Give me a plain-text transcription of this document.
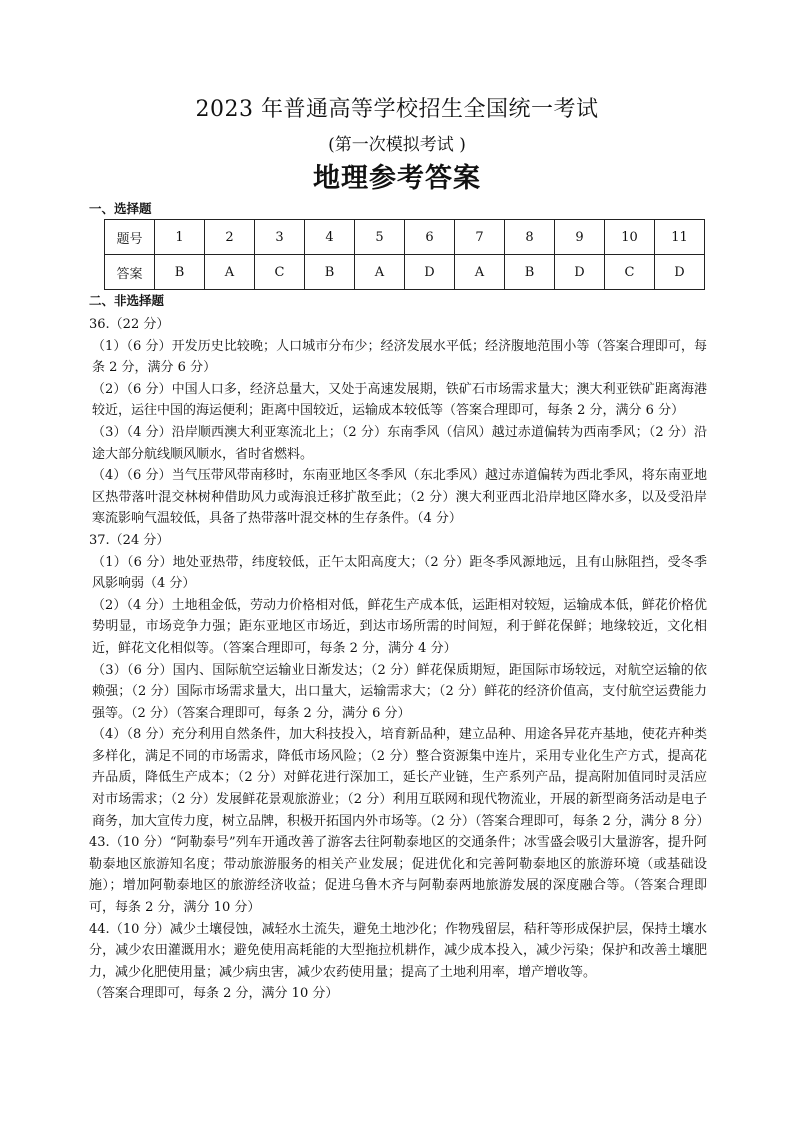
2023 年普通高等学校招生全国统一考试
(第一次模拟考试 )
地理参考答案
一、选择题
题号	1	2	3	4	5	6	7	8	9	10	11
答案	B	A	C	B	A	D	A	B	D	C	D
二、非选择题

36.（22 分）

（1）（6 分）开发历史比较晚；人口城市分布少；经济发展水平低；经济腹地范围小等（答案合理即可，每条 2 分，满分 6 分）

（2）（6 分）中国人口多，经济总量大，又处于高速发展期，铁矿石市场需求量大；澳大利亚铁矿距离海港较近，运往中国的海运便利；距离中国较近，运输成本较低等（答案合理即可，每条 2 分，满分 6 分）

（3）（4 分）沿岸顺西澳大利亚寒流北上；（2 分）东南季风（信风）越过赤道偏转为西南季风；（2 分）沿途大部分航线顺风顺水，省时省燃料。

（4）（6 分）当气压带风带南移时，东南亚地区冬季风（东北季风）越过赤道偏转为西北季风，将东南亚地区热带落叶混交林树种借助风力或海浪迁移扩散至此；（2 分）澳大利亚西北沿岸地区降水多，以及受沿岸寒流影响气温较低，具备了热带落叶混交林的生存条件。（4 分）

37.（24 分）

（1）（6 分）地处亚热带，纬度较低，正午太阳高度大；（2 分）距冬季风源地远，且有山脉阻挡，受冬季风影响弱（4 分）

（2）（4 分）土地租金低，劳动力价格相对低，鲜花生产成本低，运距相对较短，运输成本低，鲜花价格优势明显，市场竞争力强；距东亚地区市场近，到达市场所需的时间短，利于鲜花保鲜；地缘较近，文化相近，鲜花文化相似等。（答案合理即可，每条 2 分，满分 4 分）

（3）（6 分）国内、国际航空运输业日渐发达；（2 分）鲜花保质期短，距国际市场较远，对航空运输的依赖强；（2 分）国际市场需求量大，出口量大，运输需求大；（2 分）鲜花的经济价值高，支付航空运费能力强等。（2 分）（答案合理即可，每条 2 分，满分 6 分）

（4）（8 分）充分利用自然条件，加大科技投入，培育新品种，建立品种、用途各异花卉基地，使花卉种类多样化，满足不同的市场需求，降低市场风险；（2 分）整合资源集中连片，采用专业化生产方式，提高花卉品质，降低生产成本；（2 分）对鲜花进行深加工，延长产业链，生产系列产品，提高附加值同时灵活应对市场需求；（2 分）发展鲜花景观旅游业；（2 分）利用互联网和现代物流业，开展的新型商务活动是电子商务，加大宣传力度，树立品牌，积极开拓国内外市场等。（2 分）（答案合理即可，每条 2 分，满分 8 分）

43.（10 分）“阿勒泰号”列车开通改善了游客去往阿勒泰地区的交通条件；冰雪盛会吸引大量游客，提升阿勒泰地区旅游知名度；带动旅游服务的相关产业发展；促进优化和完善阿勒泰地区的旅游环境（或基础设施）；增加阿勒泰地区的旅游经济收益；促进乌鲁木齐与阿勒泰两地旅游发展的深度融合等。（答案合理即可，每条 2 分，满分 10 分）

44.（10 分）减少土壤侵蚀，减轻水土流失，避免土地沙化；作物残留层，秸秆等形成保护层，保持土壤水分，减少农田灌溉用水；避免使用高耗能的大型拖拉机耕作，减少成本投入，减少污染；保护和改善土壤肥力，减少化肥使用量；减少病虫害，减少农药使用量；提高了土地利用率，增产增收等。

（答案合理即可，每条 2 分，满分 10 分）
